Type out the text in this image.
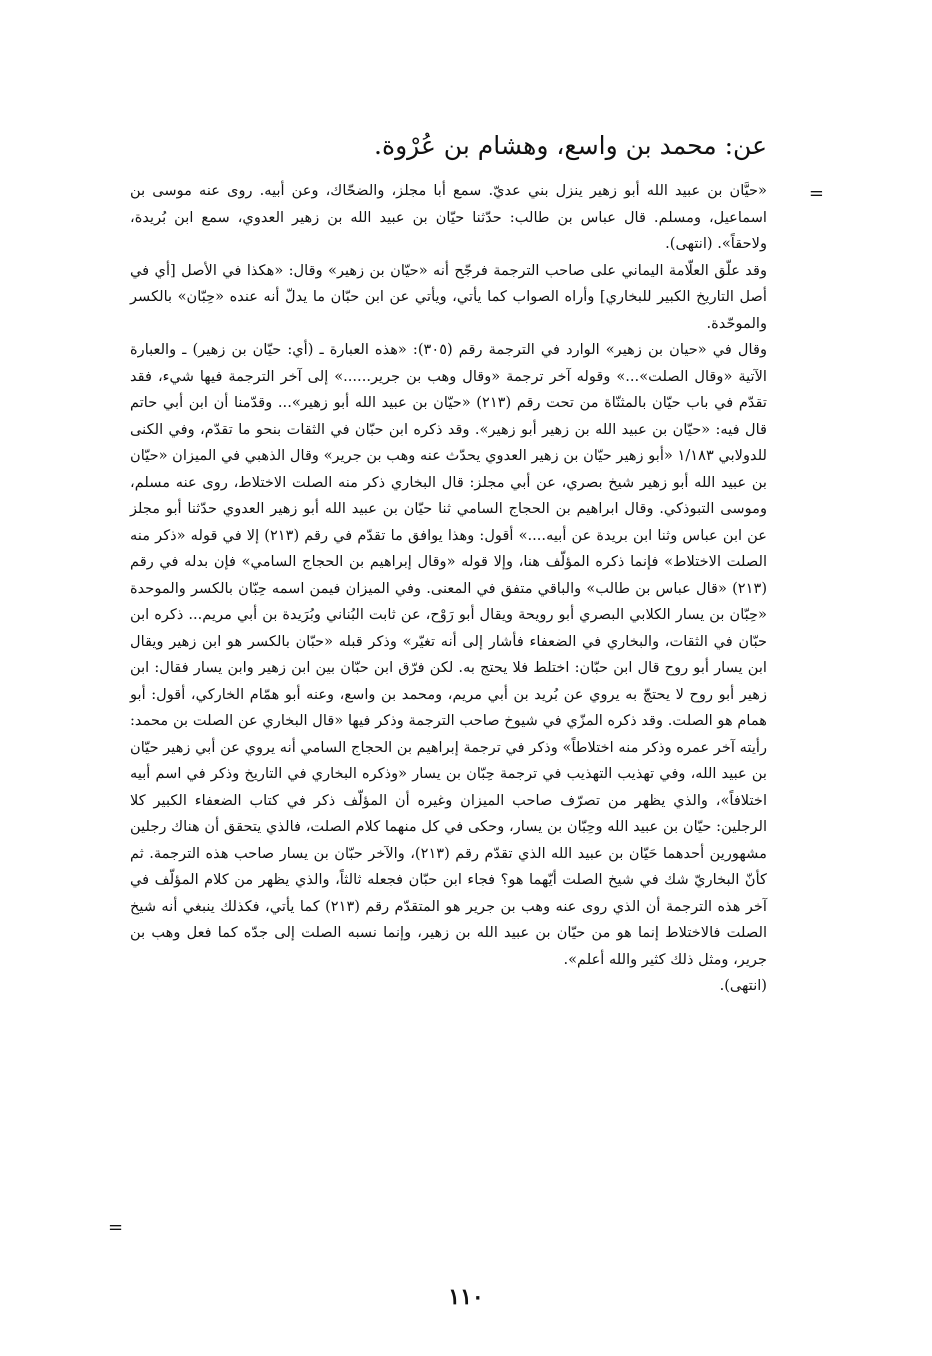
عن: محمد بن واسع، وهشام بن عُرْوة.
=

«حيَّان بن عبيد الله أبو زهير ينزل بني عديّ. سمع أبا مجلز، والضحّاك، وعن أبيه. روى عنه موسى بن اسماعيل، ومسلم. قال عباس بن طالب: حدّثنا حيّان بن عبيد الله بن زهير العدوي، سمع ابن بُريدة، ولاحقاً». (انتهى).

وقد علّق العلّامة اليماني على صاحب الترجمة فرجّح أنه «حيّان بن زهير» وقال: «هكذا في الأصل [أي في أصل التاريخ الكبير للبخاري] وأراه الصواب كما يأتي، ويأتي عن ابن حبّان ما يدلّ أنه عنده «حِبّان» بالكسر والموحّدة.

وقال في «حيان بن زهير» الوارد في الترجمة رقم (٣٠٥): «هذه العبارة ـ (أي: حيّان بن زهير) ـ والعبارة الآتية «وقال الصلت»...» وقوله آخر ترجمة «وقال وهب بن جرير......» إلى آخر الترجمة فيها شيء، فقد تقدّم في باب حيّان بالمثنّاة من تحت رقم (٢١٣) «حيّان بن عبيد الله أبو زهير»... وقدّمنا أن ابن أبي حاتم قال فيه: «حيّان بن عبيد الله بن زهير أبو زهير». وقد ذكره ابن حبّان في الثقات بنحو ما تقدّم، وفي الكنى للدولابي ١/١٨٣ «أبو زهير حيّان بن زهير العدوي يحدّث عنه وهب بن جرير» وقال الذهبي في الميزان «حيّان بن عبيد الله أبو زهير شيخ بصري، عن أبي مجلز: قال البخاري ذكر منه الصلت الاختلاط، روى عنه مسلم، وموسى التبوذكي. وقال ابراهيم بن الحجاج السامي ثنا حيّان بن عبيد الله أبو زهير العدوي حدّثنا أبو مجلز عن ابن عباس وثنا ابن بريدة عن أبيه....» أقول: وهذا يوافق ما تقدّم في رقم (٢١٣) إلا في قوله «ذكر منه الصلت الاختلاط» فإنما ذكره المؤلّف هنا، وإلا قوله «وقال إبراهيم بن الحجاج السامي» فإن بدله في رقم (٢١٣) «قال عباس بن طالب» والباقي متفق في المعنى. وفي الميزان فيمن اسمه حِبّان بالكسر والموحدة «حِبّان بن يسار الكلابي البصري أبو رويحة ويقال أبو رَوْح، عن ثابت البُناني وبُرَيدة بن أبي مريم... ذكره ابن حبّان في الثقات، والبخاري في الضعفاء فأشار إلى أنه تغيّر» وذكر قبله «حبّان بالكسر هو ابن زهير ويقال ابن يسار أبو روح قال ابن حبّان: اختلط فلا يحتج به. لكن فرّق ابن حبّان بين ابن زهير وابن يسار فقال: ابن زهير أبو روح لا يحتجّ به يروي عن بُريد بن أبي مريم، ومحمد بن واسع، وعنه أبو همّام الخاركي، أقول: أبو همام هو الصلت. وقد ذكره المزّي في شيوخ صاحب الترجمة وذكر فيها «قال البخاري عن الصلت بن محمد: رأيته آخر عمره وذكر منه اختلاطاً» وذكر في ترجمة إبراهيم بن الحجاج السامي أنه يروي عن أبي زهير حيّان بن عبيد الله، وفي تهذيب التهذيب في ترجمة حِبّان بن يسار «وذكره البخاري في التاريخ وذكر في اسم أبيه اختلافاً»، والذي يظهر من تصرّف صاحب الميزان وغيره أن المؤلّف ذكر في كتاب الضعفاء الكبير كلا الرجلين: حيّان بن عبيد الله وحِبّان بن يسار، وحكى في كل منهما كلام الصلت، فالذي يتحقق أن هناك رجلين مشهورين أحدهما حَيّان بن عبيد الله الذي تقدّم رقم (٢١٣)، والآخر حبّان بن يسار صاحب هذه الترجمة. ثم كأنّ البخاريّ شك في شيخ الصلت أيّهما هو؟ فجاء ابن حبّان فجعله ثالثاً، والذي يظهر من كلام المؤلّف في آخر هذه الترجمة أن الذي روى عنه وهب بن جرير هو المتقدّم رقم (٢١٣) كما يأتي، فكذلك ينبغي أنه شيخ الصلت فالاختلاط إنما هو من حيّان بن عبيد الله بن زهير، وإنما نسبه الصلت إلى جدّه كما فعل وهب بن جرير، ومثل ذلك كثير والله أعلم».

(انتهى).

=
١١٠
